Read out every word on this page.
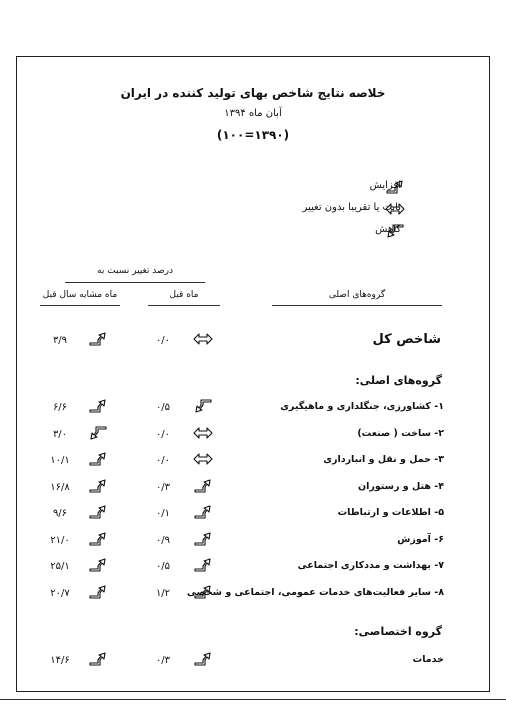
خلاصه نتایج شاخص بهای تولید کننده در ایران
آبان ماه ۱۳۹۴
(۱۳۹۰=۱۰۰)
افزایش
ثابت یا تقریبا بدون تغییر
کاهش
درصد تغییر نسبت به
ماه مشابه سال قبل	ماه قبل	گروه‌های اصلی
شاخص کل
۰/۰
۳/۹
گروه‌های اصلی:
۱- کشاورزی، جنگلداری و ماهیگیری
۰/۵
۶/۶
۲- ساخت ( صنعت)
۰/۰
۳/۰
۳- حمل و نقل و انبارداری
۰/۰
۱۰/۱
۴- هتل و رستوران
۰/۳
۱۶/۸
۵- اطلاعات و ارتباطات
۰/۱
۹/۶
۶- آموزش
۰/۹
۲۱/۰
۷- بهداشت و مددکاری اجتماعی
۰/۵
۲۵/۱
۸- سایر فعالیت‌های خدمات عمومی، اجتماعی و شخصی
۱/۲
۲۰/۷
گروه اختصاصی:
خدمات
۰/۳
۱۴/۶
